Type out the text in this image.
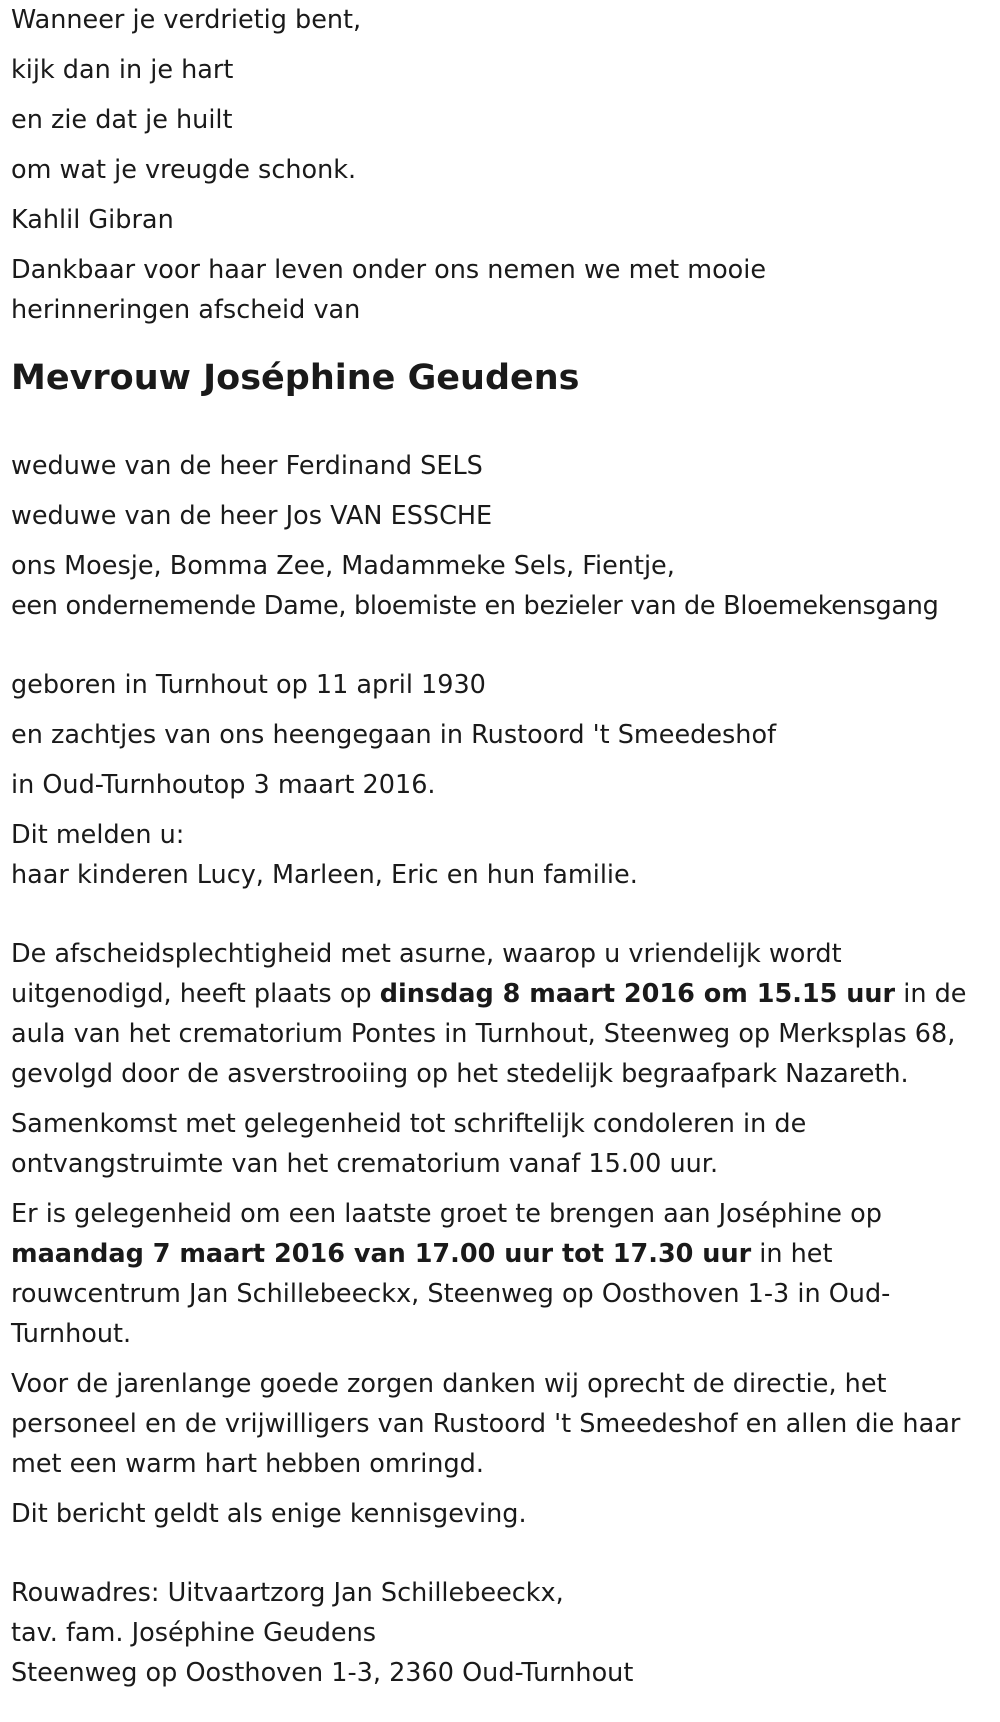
Wanneer je verdrietig bent,

kijk dan in je hart

en zie dat je huilt

om wat je vreugde schonk.

Kahlil Gibran

Dankbaar voor haar leven onder ons nemen we met mooie

herinneringen afscheid van

Mevrouw Joséphine Geudens

weduwe van de heer Ferdinand SELS

weduwe van de heer Jos VAN ESSCHE

ons Moesje, Bomma Zee, Madammeke Sels, Fientje,

een ondernemende Dame, bloemiste en bezieler van de Bloemekensgang

geboren in Turnhout op 11 april 1930

en zachtjes van ons heengegaan in Rustoord 't Smeedeshof

in Oud-Turnhoutop 3 maart 2016.

Dit melden u:

haar kinderen Lucy, Marleen, Eric en hun familie.

De afscheidsplechtigheid met asurne, waarop u vriendelijk wordt uitgenodigd, heeft plaats op dinsdag 8 maart 2016 om 15.15 uur in de aula van het crematorium Pontes in Turnhout, Steenweg op Merksplas 68, gevolgd door de asverstrooiing op het stedelijk begraafpark Nazareth.

Samenkomst met gelegenheid tot schriftelijk condoleren in de ontvangstruimte van het crematorium vanaf 15.00 uur.

Er is gelegenheid om een laatste groet te brengen aan Joséphine op maandag 7 maart 2016 van 17.00 uur tot 17.30 uur in het rouwcentrum Jan Schillebeeckx, Steenweg op Oosthoven 1-3 in Oud-Turnhout.

Voor de jarenlange goede zorgen danken wij oprecht de directie, het personeel en de vrijwilligers van Rustoord 't Smeedeshof en allen die haar met een warm hart hebben omringd.

Dit bericht geldt als enige kennisgeving.

Rouwadres: Uitvaartzorg Jan Schillebeeckx,

tav. fam. Joséphine Geudens

Steenweg op Oosthoven 1-3, 2360 Oud-Turnhout
